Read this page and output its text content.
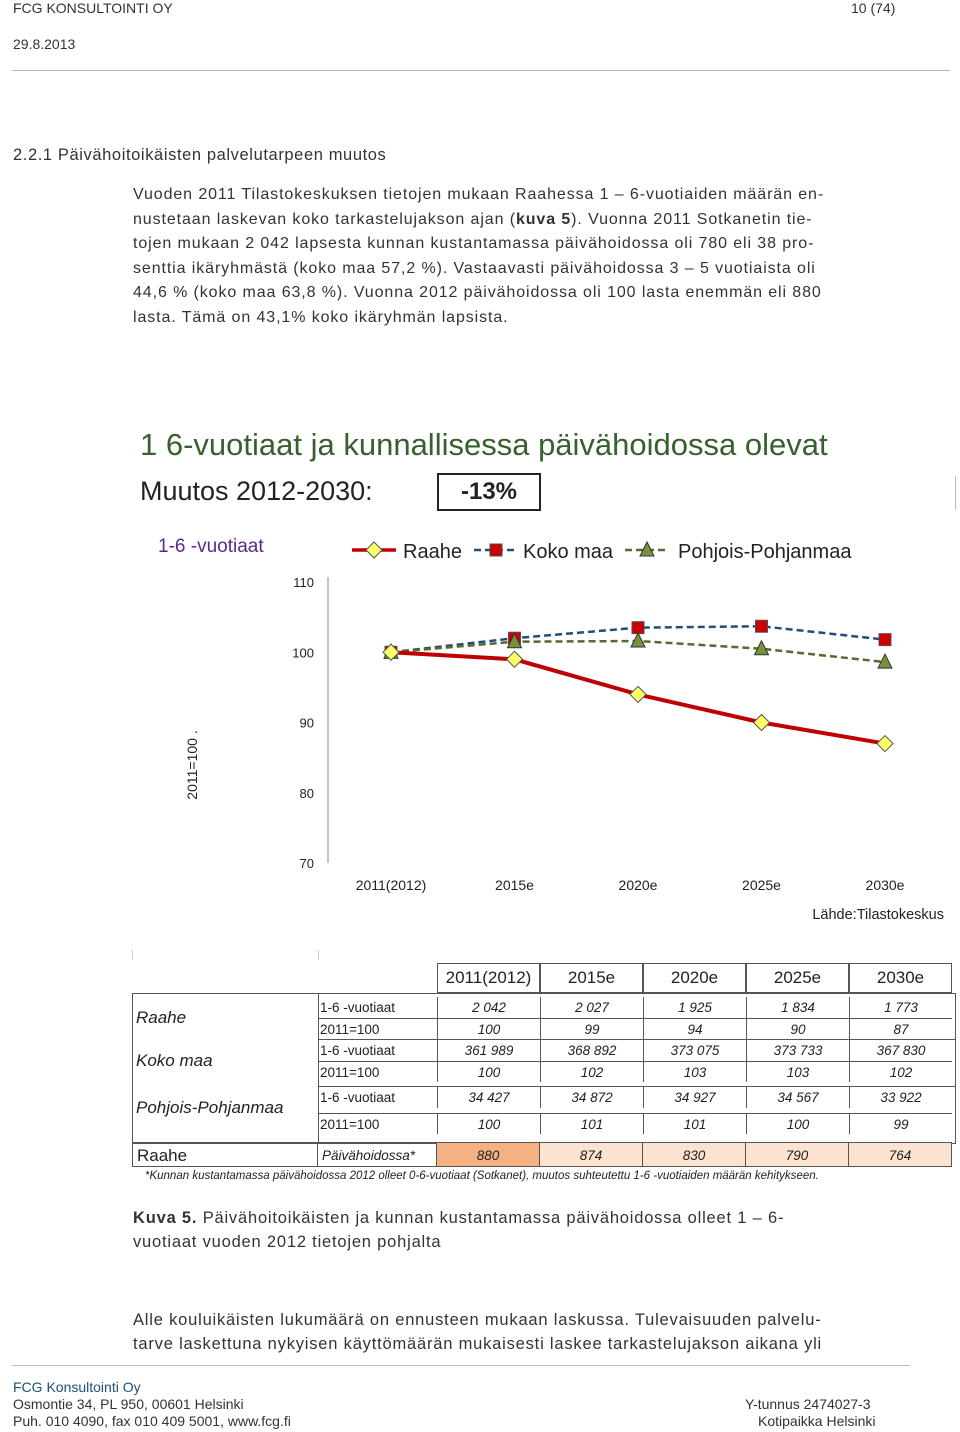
FCG KONSULTOINTI OY
29.8.2013
10 (74)
2.2.1 Päivähoitoikäisten palvelutarpeen muutos
Vuoden 2011 Tilastokeskuksen tietojen mukaan Raahessa 1 – 6-vuotiaiden määrän en-
nustetaan laskevan koko tarkastelujakson ajan (kuva 5). Vuonna 2011 Sotkanetin tie-
tojen mukaan 2 042 lapsesta kunnan kustantamassa päivähoidossa oli 780 eli 38 pro-
senttia ikäryhmästä (koko maa 57,2 %). Vastaavasti päivähoidossa 3 – 5 vuotiaista oli
44,6 % (koko maa 63,8 %). Vuonna 2012 päivähoidossa oli 100 lasta enemmän eli 880
lasta. Tämä on 43,1% koko ikäryhmän lapsista.
1 6-vuotiaat ja kunnallisessa päivähoidossa olevat
Muutos 2012-2030:	-13%
1-6 -vuotiaat
2011=100 .
Raahe	Koko maa	Pohjois-Pohjanmaa
110
100
90
80
70
2011(2012)	2015e	2020e	2025e	2030e
Lähde:Tilastokeskus
2011(2012)	2015e	2020e	2025e	2030e
Raahe
1-6 -vuotiaat	2 042	2 027	1 925	1 834	1 773
2011=100	100	99	94	90	87
Koko maa
1-6 -vuotiaat	361 989	368 892	373 075	373 733	367 830
2011=100	100	102	103	103	102
Pohjois-Pohjanmaa
1-6 -vuotiaat	34 427	34 872	34 927	34 567	33 922
2011=100	100	101	101	100	99
Raahe	Päivähoidossa*	880	874	830	790	764
*Kunnan kustantamassa päivähoidossa 2012 olleet 0-6-vuotiaat (Sotkanet), muutos suhteutettu 1-6 -vuotiaiden määrän kehitykseen.
Kuva 5. Päivähoitoikäisten ja kunnan kustantamassa päivähoidossa olleet 1 – 6-
vuotiaat vuoden 2012 tietojen pohjalta
Alle kouluikäisten lukumäärä on ennusteen mukaan laskussa. Tulevaisuuden palvelu-
tarve laskettuna nykyisen käyttömäärän mukaisesti laskee tarkastelujakson aikana yli
FCG Konsultointi Oy
Osmontie 34, PL 950, 00601 Helsinki
Puh. 010 4090, fax 010 409 5001, www.fcg.fi
Y-tunnus 2474027-3
Kotipaikka Helsinki
